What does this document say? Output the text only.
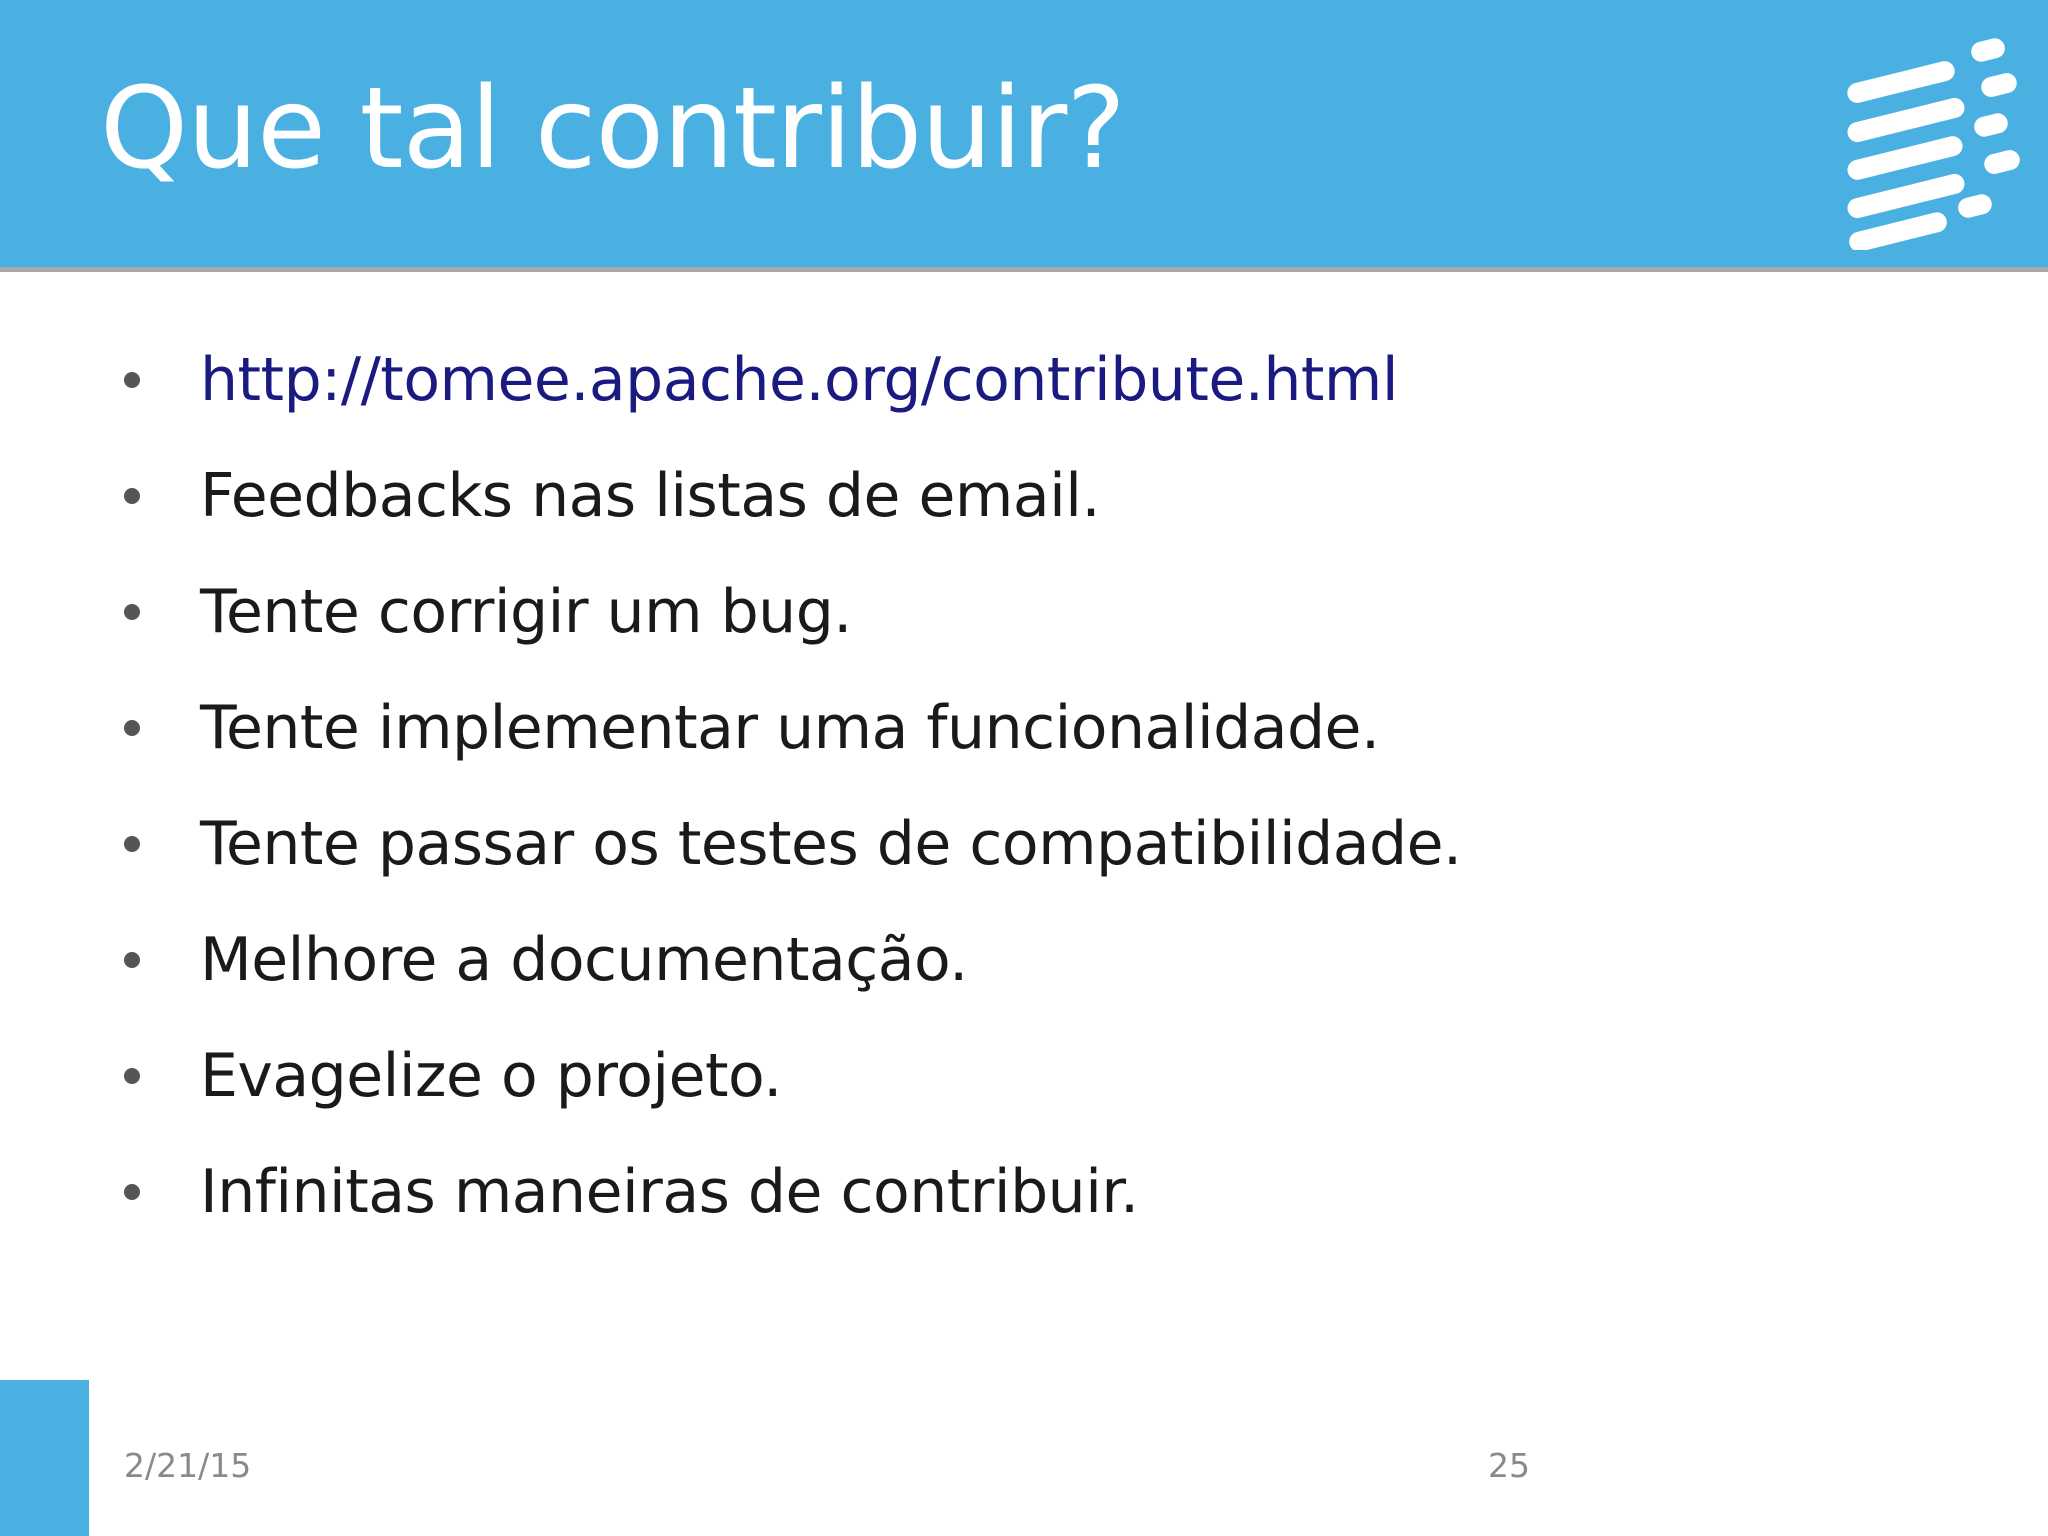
Que tal contribuir?
http://tomee.apache.org/contribute.html
Feedbacks nas listas de email.
Tente corrigir um bug.
Tente implementar uma funcionalidade.
Tente passar os testes de compatibilidade.
Melhore a documentação.
Evagelize o projeto.
Infinitas maneiras de contribuir.
2/21/15	25
